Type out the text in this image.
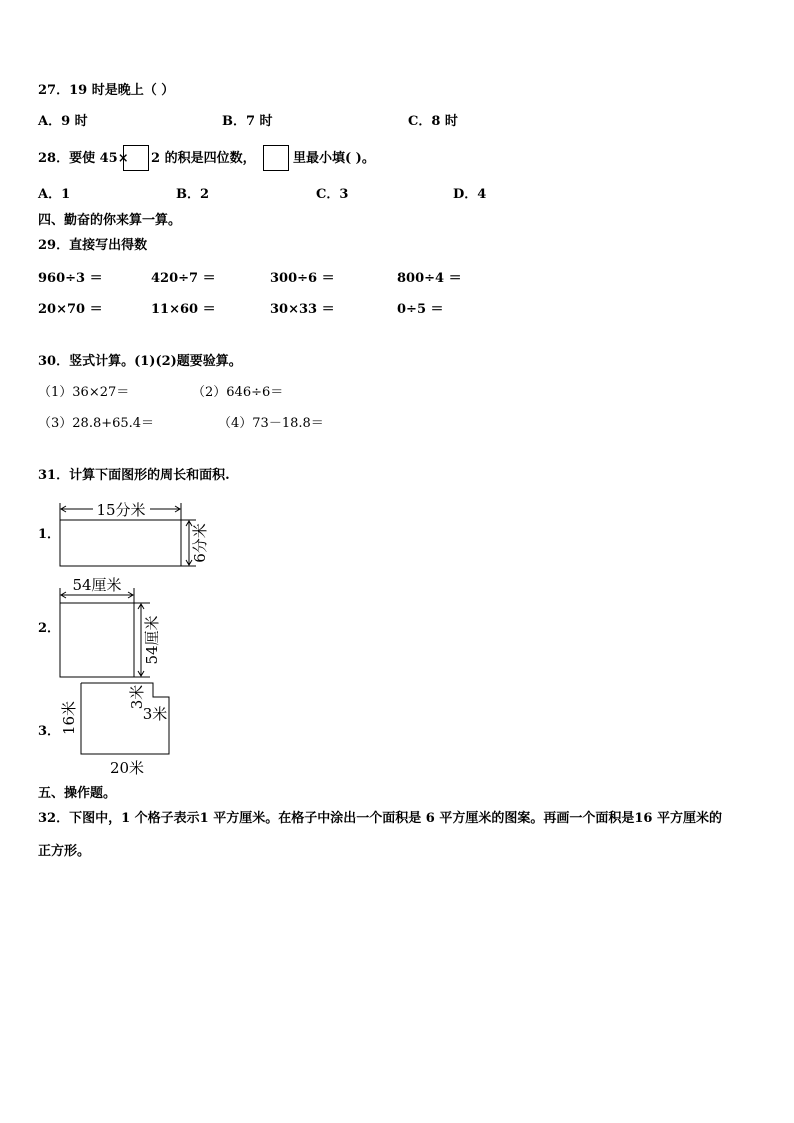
27．19 时是晚上（ ）
A．9 时	B．7 时	C．8 时
28．要使 45× 2 的积是四位数，	里最小填( )。
A．1	B．2	C．3	D．4
四、勤奋的你来算一算。
29．直接写出得数
960÷3 ＝	420÷7 ＝	300÷6 ＝	800÷4 ＝
20×70 ＝	11×60 ＝	30×33 ＝	0÷5 ＝
30．竖式计算。(1)(2)题要验算。
（1）36×27＝	（2）646÷6＝
（3）28.8+65.4＝	（4）73－18.8＝
31．计算下面图形的周长和面积.
1．
2．
3．
15分米
6分米
54厘米
54厘米
16米
3米
3米
20米
五、操作题。
32．下图中，1 个格子表示1 平方厘米。在格子中涂出一个面积是 6 平方厘米的图案。再画一个面积是16 平方厘米的
正方形。
